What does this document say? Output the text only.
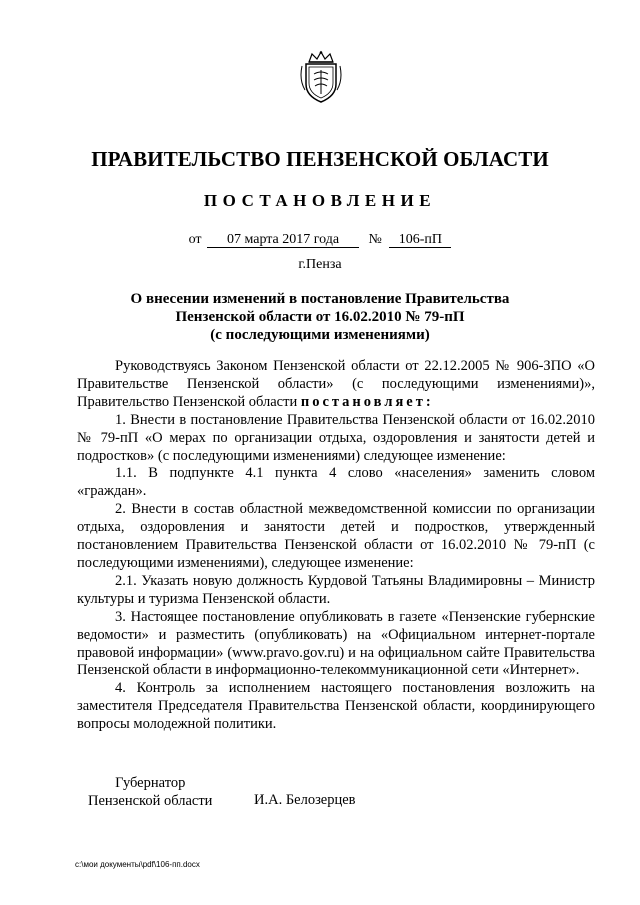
ПРАВИТЕЛЬСТВО ПЕНЗЕНСКОЙ ОБЛАСТИ
ПОСТАНОВЛЕНИЕ
от 07 марта 2017 года № 106-пП
г.Пенза
О внесении изменений в постановление Правительства
Пензенской области от 16.02.2010 № 79-пП
(с последующими изменениями)

Руководствуясь Законом Пензенской области от 22.12.2005 № 906-ЗПО «О Правительстве Пензенской области» (с последующими изменениями)», Правительство Пензенской области постановляет:

1. Внести в постановление Правительства Пензенской области от 16.02.2010 № 79-пП «О мерах по организации отдыха, оздоровления и занятости детей и подростков» (с последующими изменениями) следующее изменение:

1.1. В подпункте 4.1 пункта 4 слово «населения» заменить словом «граждан».

2. Внести в состав областной межведомственной комиссии по организации отдыха, оздоровления и занятости детей и подростков, утвержденный постановлением Правительства Пензенской области от 16.02.2010 № 79-пП (с последующими изменениями), следующее изменение:

2.1. Указать новую должность Курдовой Татьяны Владимировны – Министр культуры и туризма Пензенской области.

3. Настоящее постановление опубликовать в газете «Пензенские губернские ведомости» и разместить (опубликовать) на «Официальном интернет-портале правовой информации» (www.pravo.gov.ru) и на официальном сайте Правительства Пензенской области в информационно-телекоммуникационной сети «Интернет».

4. Контроль за исполнением настоящего постановления возложить на заместителя Председателя Правительства Пензенской области, координирующего вопросы молодежной политики.

Губернатор
Пензенской области	И.А. Белозерцев
c:\мои документы\pdf\106-пп.docx
